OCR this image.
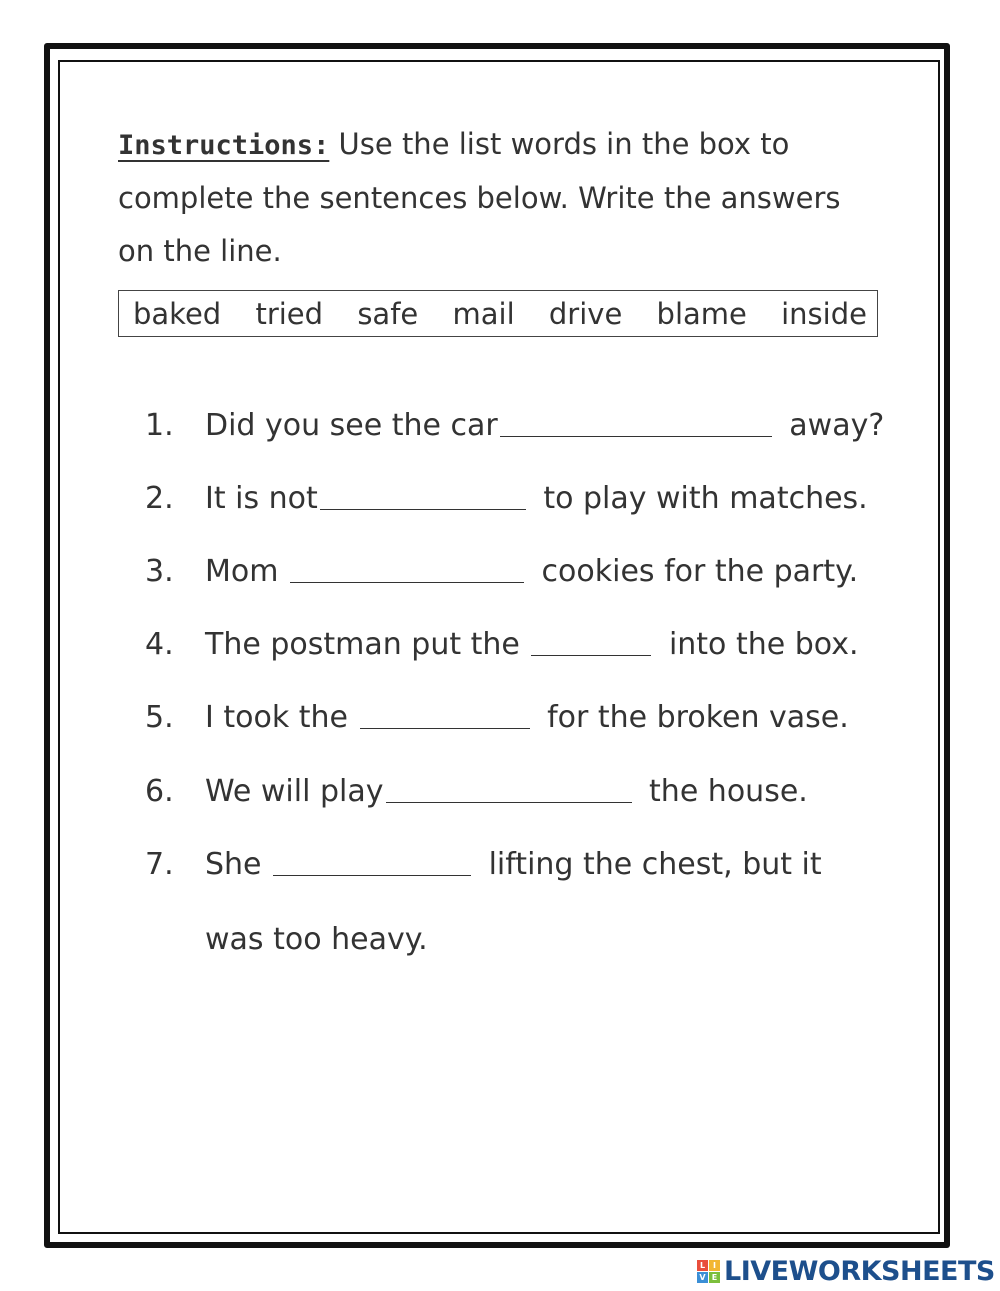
Instructions: Use the list words in the box to complete the sentences below. Write the answers on the line.
baked tried safe mail drive blame inside
1.	Did you see the car	away?
2.	It is not	to play with matches.
3.	Mom	cookies for the party.
4.	The postman put the	into the box.
5.	I took the	for the broken vase.
6.	We will play	the house.
7.	She	lifting the chest, but it
was too heavy.
L I
V E LIVEWORKSHEETS
